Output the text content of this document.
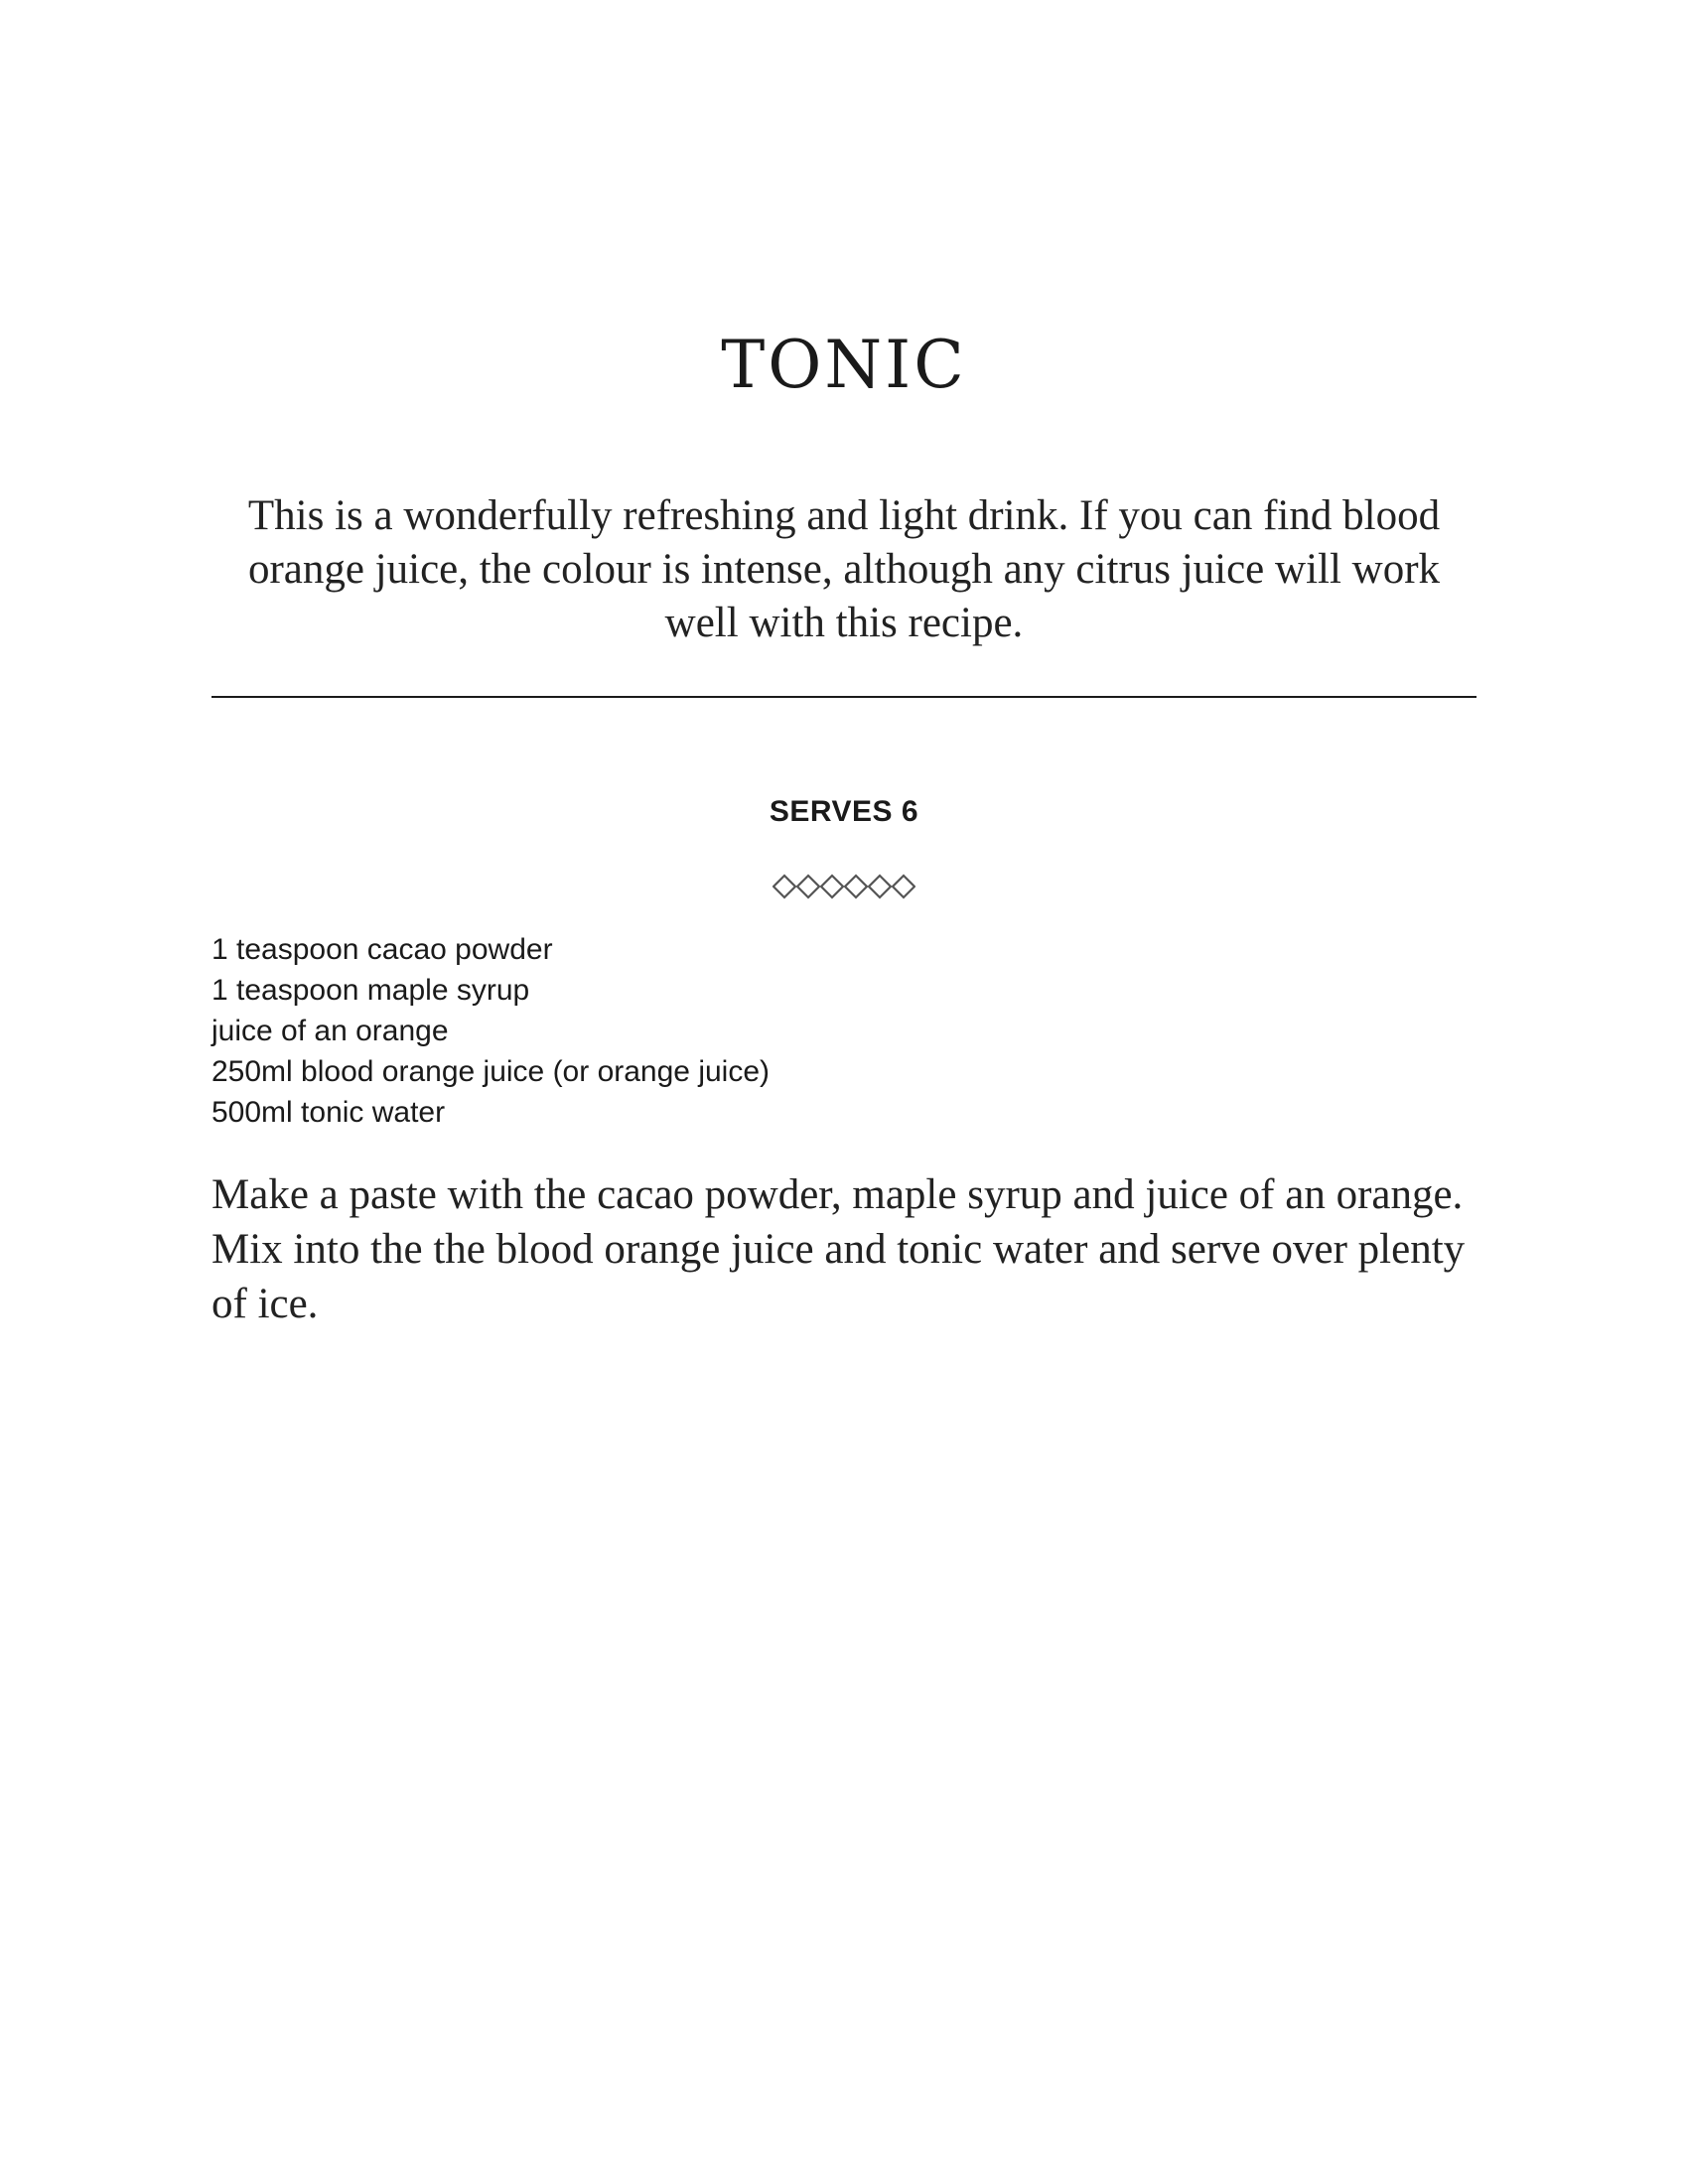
TONIC

This is a wonderfully refreshing and light drink. If you can find blood orange juice, the colour is intense, although any citrus juice will work well with this recipe.

SERVES 6
1 teaspoon cacao powder
1 teaspoon maple syrup
juice of an orange
250ml blood orange juice (or orange juice)
500ml tonic water

Make a paste with the cacao powder, maple syrup and juice of an orange. Mix into the the blood orange juice and tonic water and serve over plenty of ice.
